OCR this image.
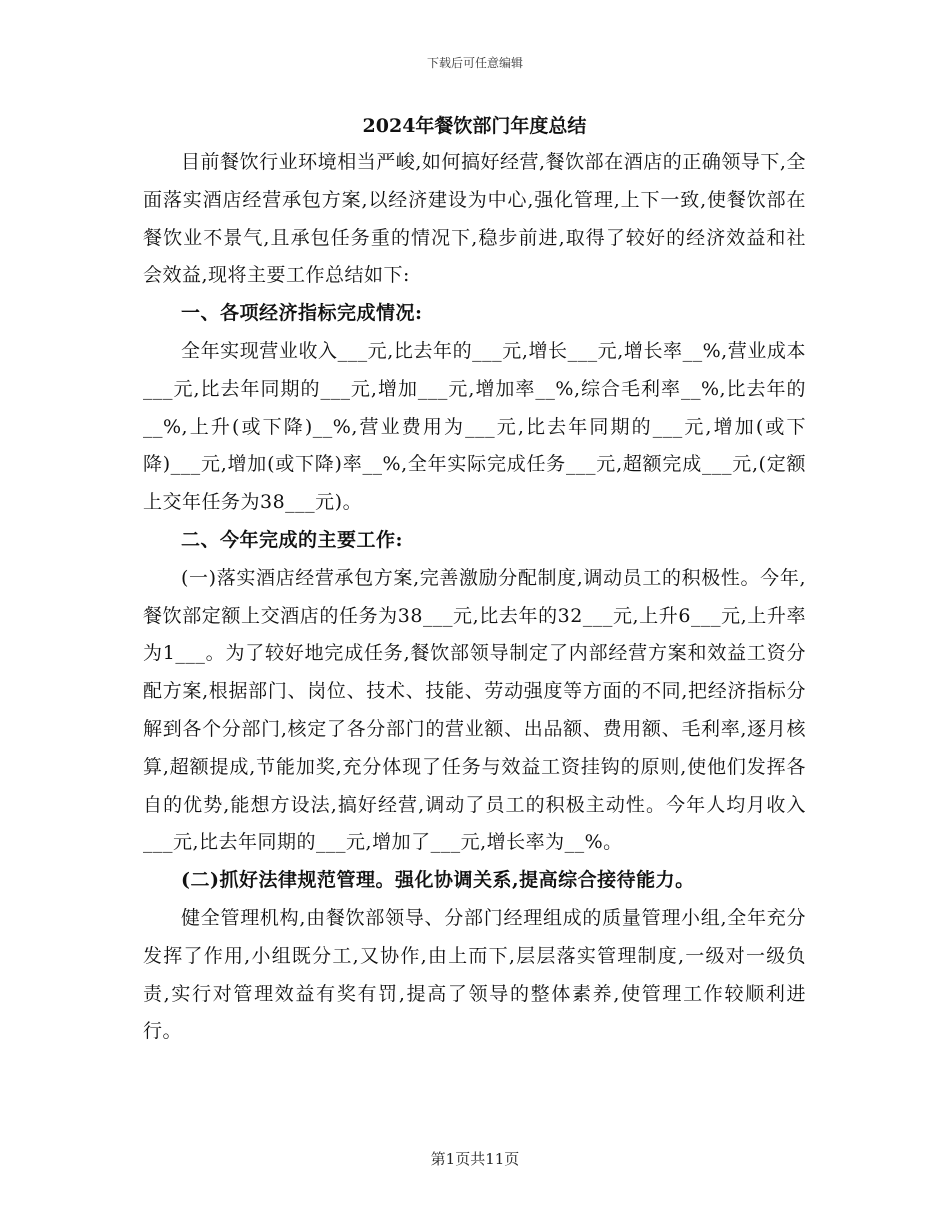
下载后可任意编辑
2024年餐饮部门年度总结

目前餐饮行业环境相当严峻,如何搞好经营,餐饮部在酒店的正确领导下,全面落实酒店经营承包方案,以经济建设为中心,强化管理,上下一致,使餐饮部在餐饮业不景气,且承包任务重的情况下,稳步前进,取得了较好的经济效益和社会效益,现将主要工作总结如下:

一、各项经济指标完成情况:

全年实现营业收入___元,比去年的___元,增长___元,增长率__%,营业成本___元,比去年同期的___元,增加___元,增加率__%,综合毛利率__%,比去年的__%,上升(或下降)__%,营业费用为___元,比去年同期的___元,增加(或下降)___元,增加(或下降)率__%,全年实际完成任务___元,超额完成___元,(定额上交年任务为38___元)。

二、今年完成的主要工作:

(一)落实酒店经营承包方案,完善激励分配制度,调动员工的积极性。今年,餐饮部定额上交酒店的任务为38___元,比去年的32___元,上升6___元,上升率为1___。为了较好地完成任务,餐饮部领导制定了内部经营方案和效益工资分配方案,根据部门、岗位、技术、技能、劳动强度等方面的不同,把经济指标分解到各个分部门,核定了各分部门的营业额、出品额、费用额、毛利率,逐月核算,超额提成,节能加奖,充分体现了任务与效益工资挂钩的原则,使他们发挥各自的优势,能想方设法,搞好经营,调动了员工的积极主动性。今年人均月收入___元,比去年同期的___元,增加了___元,增长率为__%。

(二)抓好法律规范管理。强化协调关系,提高综合接待能力。

健全管理机构,由餐饮部领导、分部门经理组成的质量管理小组,全年充分发挥了作用,小组既分工,又协作,由上而下,层层落实管理制度,一级对一级负责,实行对管理效益有奖有罚,提高了领导的整体素养,使管理工作较顺利进行。

第1页共11页
